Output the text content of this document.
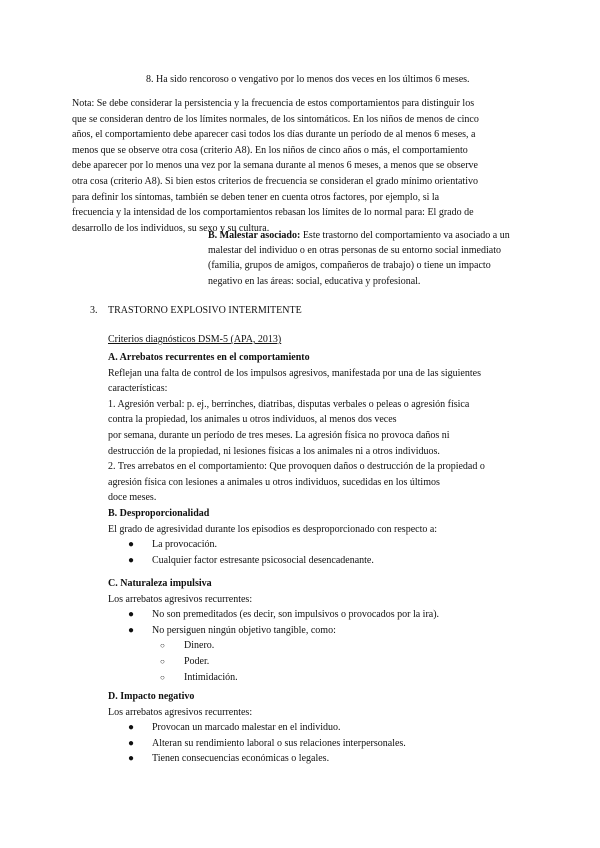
8. Ha sido rencoroso o vengativo por lo menos dos veces en los últimos 6 meses.
Nota: Se debe considerar la persistencia y la frecuencia de estos comportamientos para distinguir los
que se consideran dentro de los límites normales, de los sintomáticos. En los niños de menos de cinco
años, el comportamiento debe aparecer casi todos los días durante un período de al menos 6 meses, a
menos que se observe otra cosa (criterio A8). En los niños de cinco años o más, el comportamiento
debe aparecer por lo menos una vez por la semana durante al menos 6 meses, a menos que se observe
otra cosa (criterio A8). Si bien estos criterios de frecuencia se consideran el grado mínimo orientativo
para definir los síntomas, también se deben tener en cuenta otros factores, por ejemplo, si la
frecuencia y la intensidad de los comportamientos rebasan los límites de lo normal para: El grado de
desarrollo de los individuos, su sexo y su cultura.
B. Malestar asociado: Este trastorno del comportamiento va asociado a un
malestar del individuo o en otras personas de su entorno social inmediato
(familia, grupos de amigos, compañeros de trabajo) o tiene un impacto
negativo en las áreas: social, educativa y profesional.
3. TRASTORNO EXPLOSIVO INTERMITENTE
Criterios diagnósticos DSM-5 (APA, 2013)
A. Arrebatos recurrentes en el comportamiento
Reflejan una falta de control de los impulsos agresivos, manifestada por una de las siguientes
características:
1. Agresión verbal: p. ej., berrinches, diatribas, disputas verbales o peleas o agresión física
contra la propiedad, los animales u otros individuos, al menos dos veces
por semana, durante un período de tres meses. La agresión física no provoca daños ni
destrucción de la propiedad, ni lesiones físicas a los animales ni a otros individuos.
2. Tres arrebatos en el comportamiento: Que provoquen daños o destrucción de la propiedad o
agresión física con lesiones a animales u otros individuos, sucedidas en los últimos
doce meses.
B. Desproporcionalidad
El grado de agresividad durante los episodios es desproporcionado con respecto a:
● La provocación.
● Cualquier factor estresante psicosocial desencadenante.
C. Naturaleza impulsiva
Los arrebatos agresivos recurrentes:
● No son premeditados (es decir, son impulsivos o provocados por la ira).
● No persiguen ningún objetivo tangible, como:
○ Dinero.
○ Poder.
○ Intimidación.
D. Impacto negativo
Los arrebatos agresivos recurrentes:
● Provocan un marcado malestar en el individuo.
● Alteran su rendimiento laboral o sus relaciones interpersonales.
● Tienen consecuencias económicas o legales.
